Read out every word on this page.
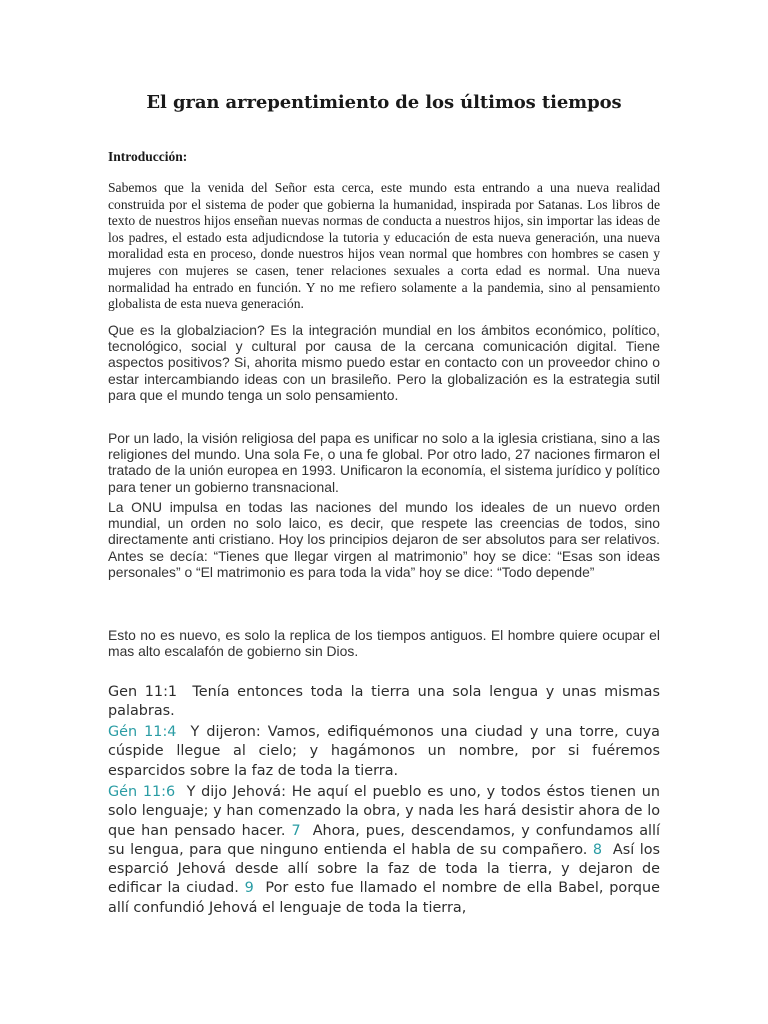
El gran arrepentimiento de los últimos tiempos

Introducción:

Sabemos que la venida del Señor esta cerca, este mundo esta entrando a una nueva realidad construida por el sistema de poder que gobierna la humanidad, inspirada por Satanas. Los libros de texto de nuestros hijos enseñan nuevas normas de conducta a nuestros hijos, sin importar las ideas de los padres, el estado esta adjudicndose la tutoria y educación de esta nueva generación, una nueva moralidad esta en proceso, donde nuestros hijos vean normal que hombres con hombres se casen y mujeres con mujeres se casen, tener relaciones sexuales a corta edad es normal. Una nueva normalidad ha entrado en función. Y no me refiero solamente a la pandemia, sino al pensamiento globalista de esta nueva generación.

Que es la globalziacion? Es la integración mundial en los ámbitos económico, político, tecnológico, social y cultural por causa de la cercana comunicación digital. Tiene aspectos positivos? Si, ahorita mismo puedo estar en contacto con un proveedor chino o estar intercambiando ideas con un brasileño. Pero la globalización es la estrategia sutil para que el mundo tenga un solo pensamiento.

Por un lado, la visión religiosa del papa es unificar no solo a la iglesia cristiana, sino a las religiones del mundo. Una sola Fe, o una fe global. Por otro lado, 27 naciones firmaron el tratado de la unión europea en 1993. Unificaron la economía, el sistema jurídico y político para tener un gobierno transnacional.

La ONU impulsa en todas las naciones del mundo los ideales de un nuevo orden mundial, un orden no solo laico, es decir, que respete las creencias de todos, sino directamente anti cristiano. Hoy los principios dejaron de ser absolutos para ser relativos. Antes se decía: “Tienes que llegar virgen al matrimonio” hoy se dice: “Esas son ideas personales” o “El matrimonio es para toda la vida” hoy se dice: “Todo depende”

Esto no es nuevo, es solo la replica de los tiempos antiguos. El hombre quiere ocupar el mas alto escalafón de gobierno sin Dios.

Gen 11:1 Tenía entonces toda la tierra una sola lengua y unas mismas palabras.

Gén 11:4 Y dijeron: Vamos, edifiquémonos una ciudad y una torre, cuya cúspide llegue al cielo; y hagámonos un nombre, por si fuéremos esparcidos sobre la faz de toda la tierra.

Gén 11:6 Y dijo Jehová: He aquí el pueblo es uno, y todos éstos tienen un solo lenguaje; y han comenzado la obra, y nada les hará desistir ahora de lo que han pensado hacer. 7 Ahora, pues, descendamos, y confundamos allí su lengua, para que ninguno entienda el habla de su compañero. 8 Así los esparció Jehová desde allí sobre la faz de toda la tierra, y dejaron de edificar la ciudad. 9 Por esto fue llamado el nombre de ella Babel, porque allí confundió Jehová el lenguaje de toda la tierra,
